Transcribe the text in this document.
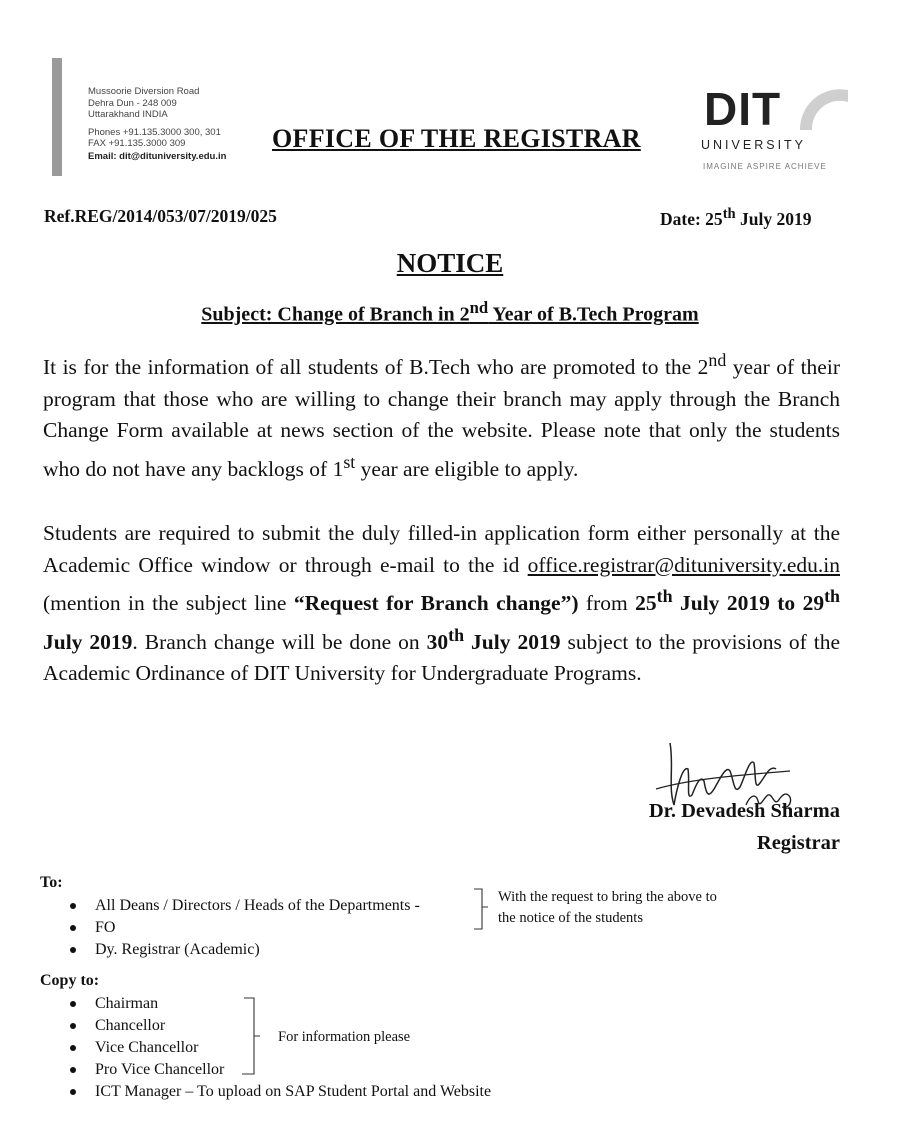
Mussoorie Diversion Road
Dehra Dun - 248 009
Uttarakhand INDIA
Phones +91.135.3000 300, 301
FAX +91.135.3000 309
Email: dit@dituniversity.edu.in
OFFICE OF THE REGISTRAR
DIT
UNIVERSITY
IMAGINE ASPIRE ACHIEVE
Ref.REG/2014/053/07/2019/025	Date: 25th July 2019
NOTICE
Subject: Change of Branch in 2nd Year of B.Tech Program
It is for the information of all students of B.Tech who are promoted to the 2nd year of their program that those who are willing to change their branch may apply through the Branch Change Form available at news section of the website. Please note that only the students who do not have any backlogs of 1st year are eligible to apply.
Students are required to submit the duly filled-in application form either personally at the Academic Office window or through e-mail to the id office.registrar@dituniversity.edu.in (mention in the subject line “Request for Branch change”) from 25th July 2019 to 29th July 2019. Branch change will be done on 30th July 2019 subject to the provisions of the Academic Ordinance of DIT University for Undergraduate Programs.
Dr. Devadesh Sharma
Registrar
To:
All Deans / Directors / Heads of the Departments -
FO
Dy. Registrar (Academic)
With the request to bring the above to
the notice of the students
Copy to:
Chairman
Chancellor
Vice Chancellor
Pro Vice Chancellor
ICT Manager – To upload on SAP Student Portal and Website
For information please
